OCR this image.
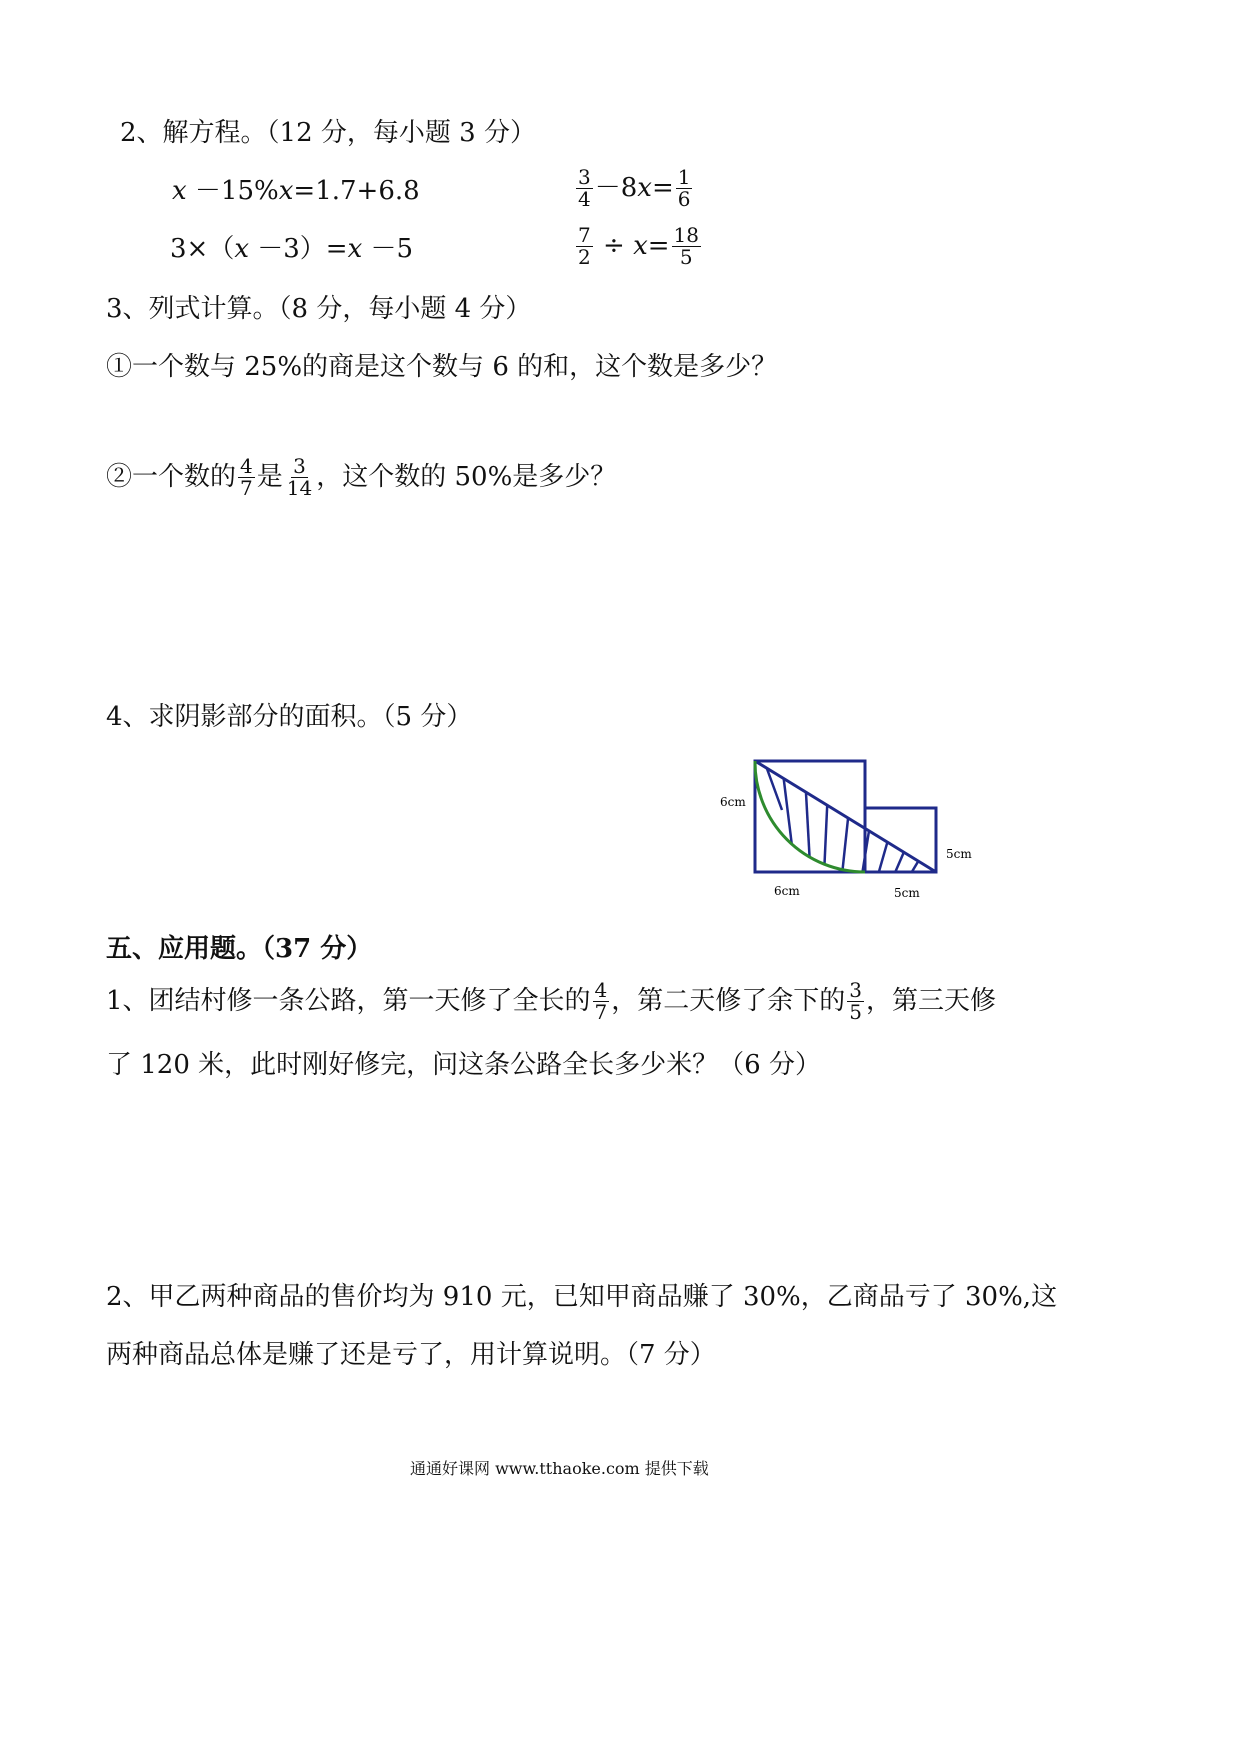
2、解方程。（12 分，每小题 3 分）
x －15%x=1.7+6.8	$\frac{3}{4} -8x= \frac{1}{6}$
3×（x －3）=x －5	$\frac{7}{2} \div x= \frac{18}{5}$
3、列式计算。（8 分，每小题 4 分）
①一个数与 25%的商是这个数与 6 的和，这个数是多少？
②一个数的 $\frac{4}{7}$ 是 $\frac{3}{14}$ ，这个数的 50%是多少？
4、求阴影部分的面积。（5 分）
6cm
5cm
6cm	5cm
五、应用题。（37 分）
1、团结村修一条公路，第一天修了全长的 $\frac{4}{7}$ ，第二天修了余下的 $\frac{3}{5}$ ，第三天修
了 120 米，此时刚好修完，问这条公路全长多少米？（6 分）
2、甲乙两种商品的售价均为 910 元，已知甲商品赚了 30%，乙商品亏了 30%,这
两种商品总体是赚了还是亏了，用计算说明。（7 分）
通通好课网 www.tthaoke.com 提供下载
